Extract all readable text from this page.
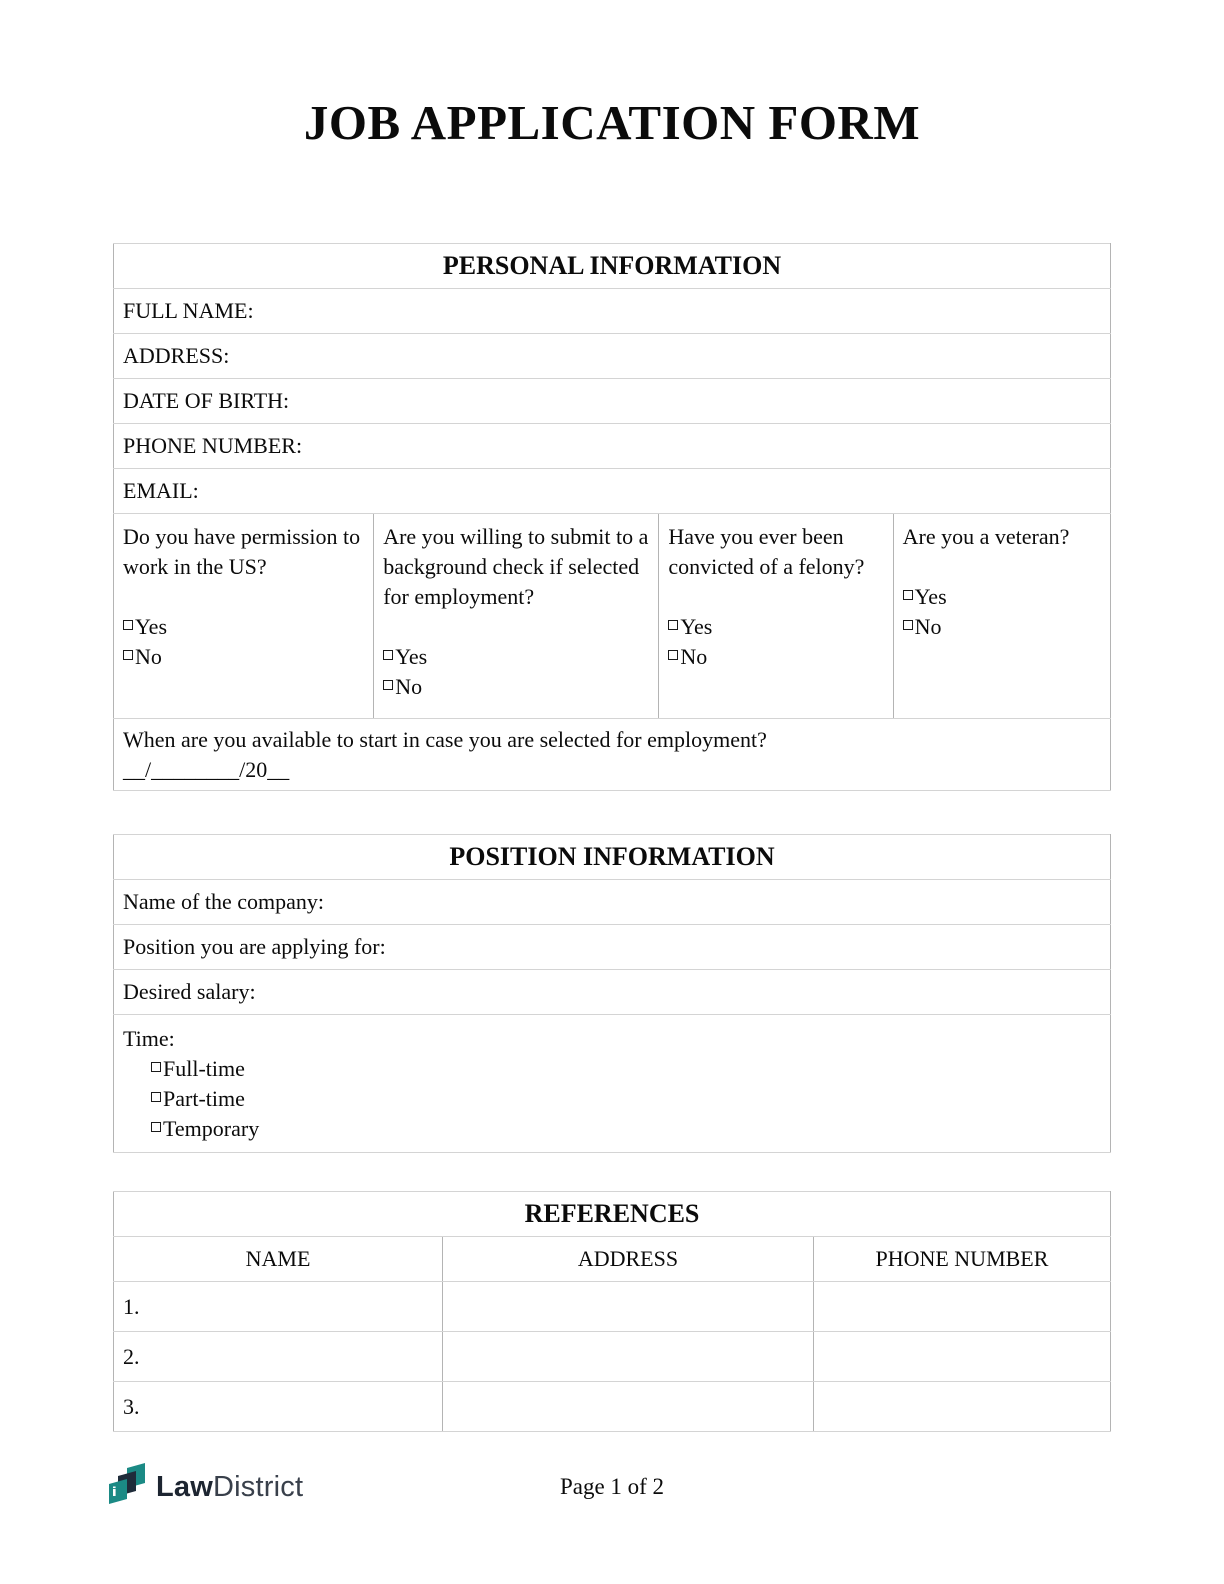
JOB APPLICATION FORM
PERSONAL INFORMATION
FULL NAME:
ADDRESS:
DATE OF BIRTH:
PHONE NUMBER:
EMAIL:

Do you have permission to work in the US?
Yes
No

Are you willing to submit to a background check if selected for employment?
Yes
No

Have you ever been convicted of a felony?
Yes
No

Are you a veteran?
Yes
No

When are you available to start in case you are selected for employment?
__/________/20__
POSITION INFORMATION
Name of the company:
Position you are applying for:
Desired salary:

Time:
Full-time
Part-time
Temporary
REFERENCES		
NAME	ADDRESS	PHONE NUMBER
1.		
2.		
3.		
LawDistrict	Page 1 of 2
